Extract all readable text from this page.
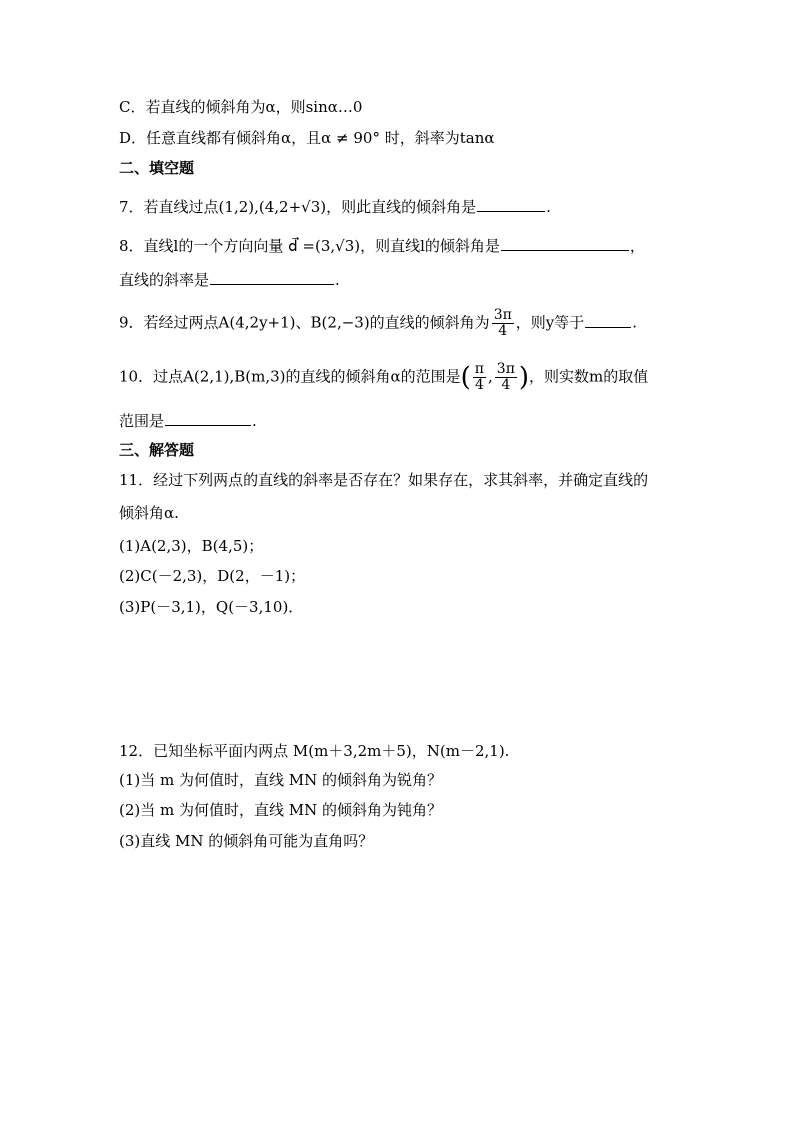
C．若直线的倾斜角为α，则sinα…0
D．任意直线都有倾斜角α，且α ≠ 90° 时，斜率为tanα
二、填空题
7．若直线过点(1,2),(4,2+√3)，则此直线的倾斜角是	.
8．直线l的一个方向向量 d⃗ =(3,√3)，则直线l的倾斜角是	，
直线的斜率是	.
9．若经过两点A(4,2y+1)、B(2,−3)的直线的倾斜角为 $\frac{3\pi}{4}$ ，则y等于	.
10．过点A(2,1),B(m,3)的直线的倾斜角α的范围是( $\frac{\pi}{4}$ , $\frac{3\pi}{4}$ )，则实数m的取值
范围是	.
三、解答题
11．经过下列两点的直线的斜率是否存在？如果存在，求其斜率，并确定直线的
倾斜角α.
(1)A(2,3)，B(4,5)；
(2)C(－2,3)，D(2，－1)；
(3)P(－3,1)，Q(－3,10)．
12．已知坐标平面内两点 M(m＋3,2m＋5)，N(m－2,1).
(1)当 m 为何值时，直线 MN 的倾斜角为锐角？
(2)当 m 为何值时，直线 MN 的倾斜角为钝角？
(3)直线 MN 的倾斜角可能为直角吗？
